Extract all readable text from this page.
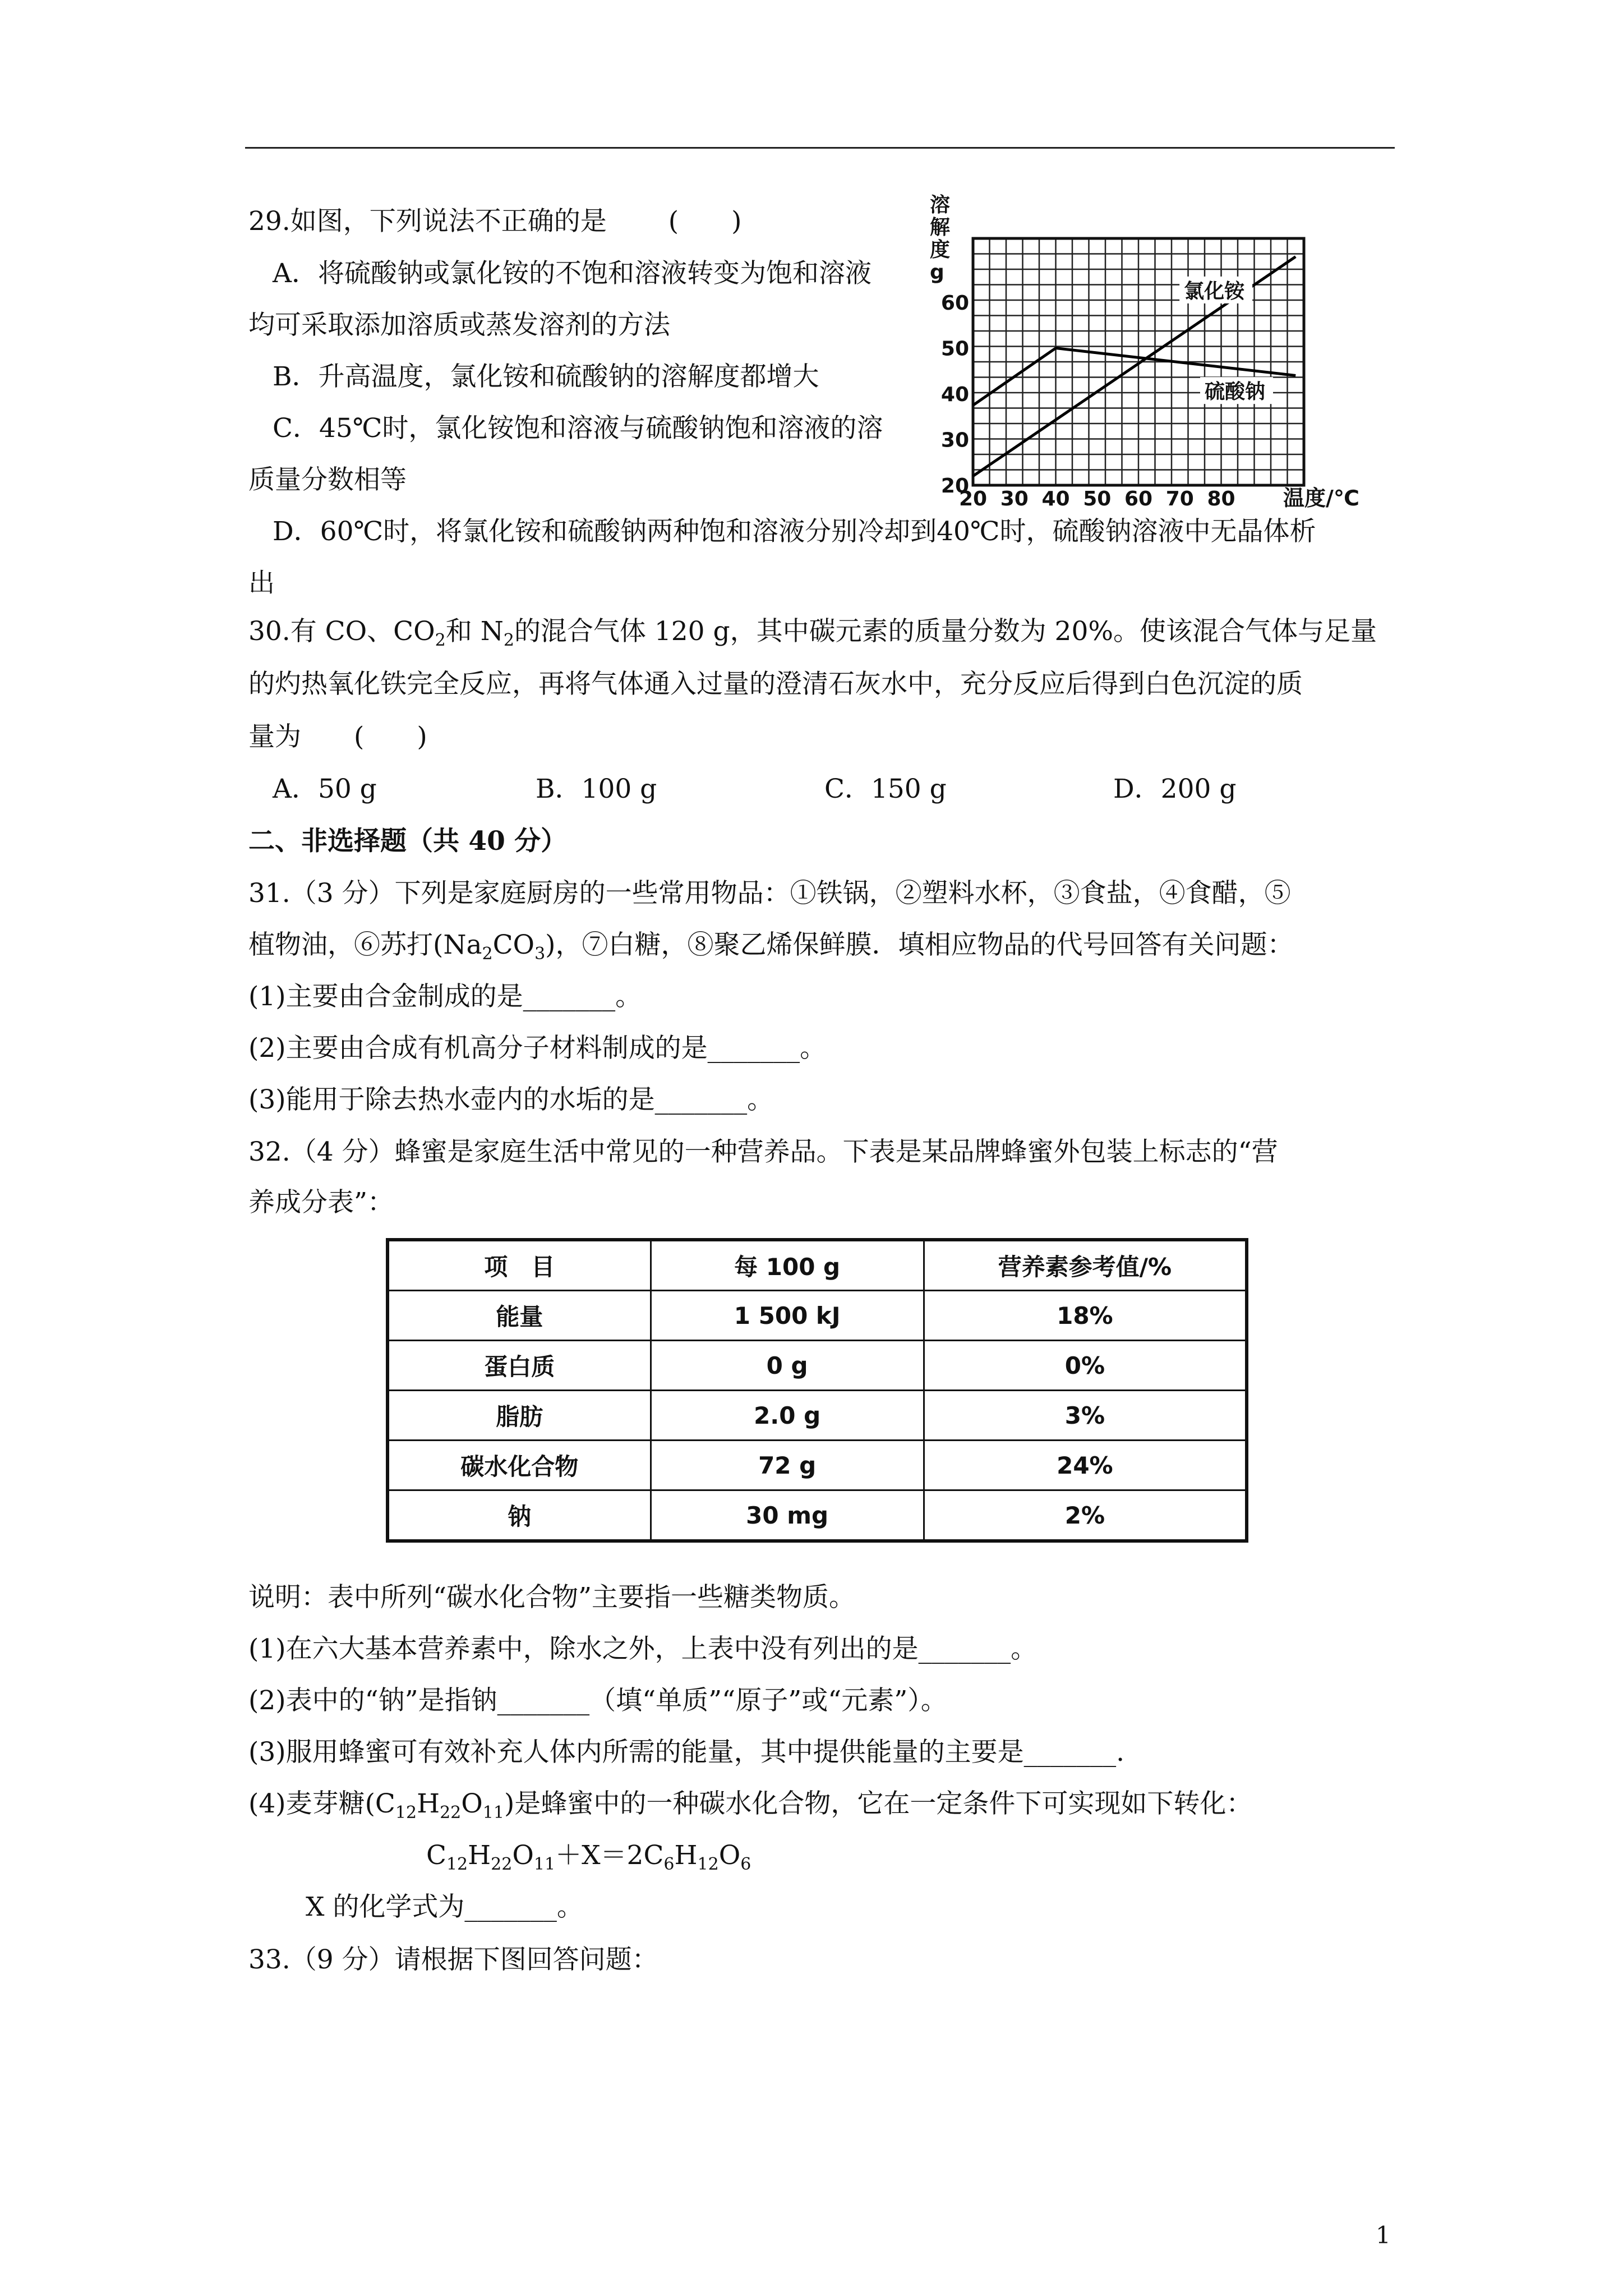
29.如图，下列说法不正确的是 (　　)
A．将硫酸钠或氯化铵的不饱和溶液转变为饱和溶液
均可采取添加溶质或蒸发溶剂的方法
B．升高温度，氯化铵和硫酸钠的溶解度都增大
C．45℃时，氯化铵饱和溶液与硫酸钠饱和溶液的溶
质量分数相等
D．60℃时，将氯化铵和硫酸钠两种饱和溶液分别冷却到40℃时，硫酸钠溶液中无晶体析
出
溶
解
度
g
20
30
40
50
60
20 30 40 50 60 70 80 温度/℃
氯化铵
硫酸钠
30.有 CO、$CO_2$和 $N_2$的混合气体 120 g，其中碳元素的质量分数为 20%。使该混合气体与足量
的灼热氧化铁完全反应，再将气体通入过量的澄清石灰水中，充分反应后得到白色沉淀的质
量为　　(　　)
A．50 g	B．100 g	C．150 g	D．200 g
二、非选择题（共 40 分）
31.（3 分）下列是家庭厨房的一些常用物品：①铁锅，②塑料水杯，③食盐，④食醋，⑤
植物油，⑥苏打$(Na_2CO_3)$，⑦白糖，⑧聚乙烯保鲜膜．填相应物品的代号回答有关问题：
(1)主要由合金制成的是_______。
(2)主要由合成有机高分子材料制成的是_______。
(3)能用于除去热水壶内的水垢的是_______。
32.（4 分）蜂蜜是家庭生活中常见的一种营养品。下表是某品牌蜂蜜外包装上标志的“营
养成分表”：
项　目	每 100 g	营养素参考值/%
能量	1 500 kJ	18%
蛋白质	0 g	0%
脂肪	2.0 g	3%
碳水化合物	72 g	24%
钠	30 mg	2%
说明：表中所列“碳水化合物”主要指一些糖类物质。
(1)在六大基本营养素中，除水之外，上表中没有列出的是_______。
(2)表中的“钠”是指钠_______（填“单质”“原子”或“元素”）。
(3)服用蜂蜜可有效补充人体内所需的能量，其中提供能量的主要是_______.
(4)麦芽糖$(C_{12}H_{22}O_{11})$是蜂蜜中的一种碳水化合物，它在一定条件下可实现如下转化：
$C_{12}H_{22}O_{11}+X=2C_6H_{12}O_6$
X 的化学式为_______。
33.（9 分）请根据下图回答问题：
1
